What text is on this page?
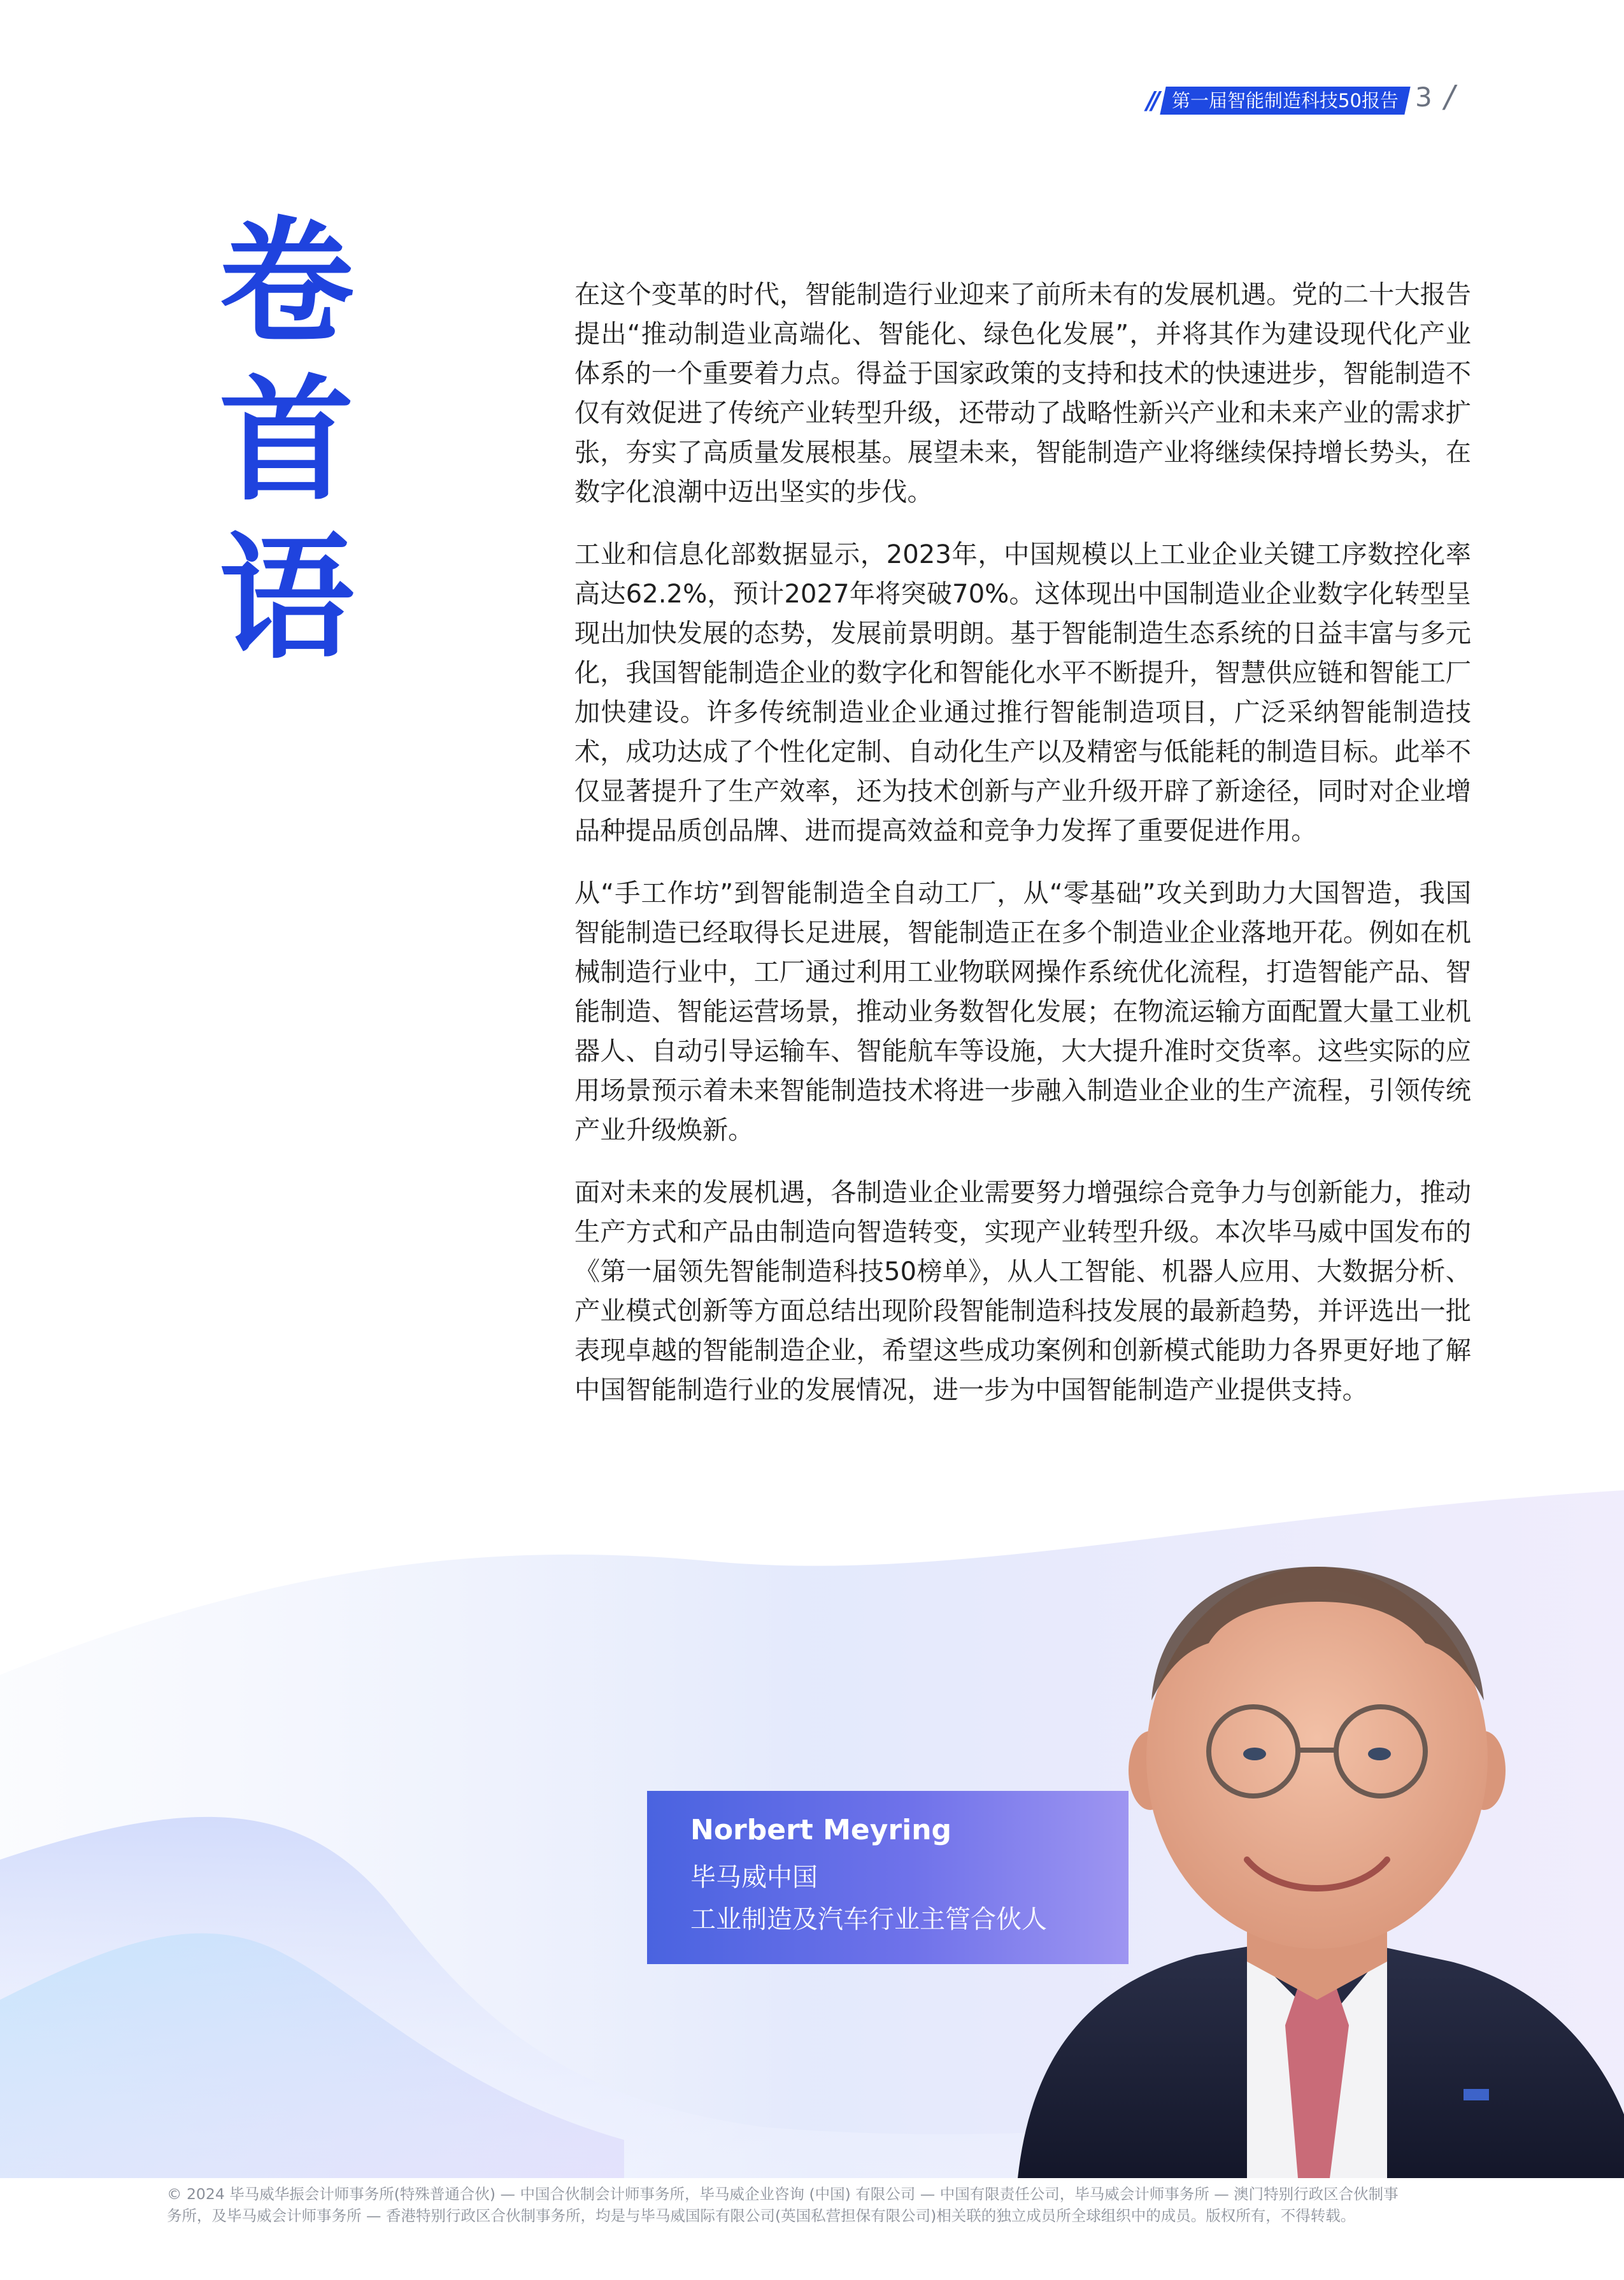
// 第一届智能制造科技50报告 3 /
卷
首
语

在这个变革的时代，智能制造行业迎来了前所未有的发展机遇。党的二十大报告提出“推动制造业高端化、智能化、绿色化发展”，并将其作为建设现代化产业体系的一个重要着力点。得益于国家政策的支持和技术的快速进步，智能制造不仅有效促进了传统产业转型升级，还带动了战略性新兴产业和未来产业的需求扩张，夯实了高质量发展根基。展望未来，智能制造产业将继续保持增长势头，在数字化浪潮中迈出坚实的步伐。

工业和信息化部数据显示，2023年，中国规模以上工业企业关键工序数控化率高达62.2%，预计2027年将突破70%。这体现出中国制造业企业数字化转型呈现出加快发展的态势，发展前景明朗。基于智能制造生态系统的日益丰富与多元化，我国智能制造企业的数字化和智能化水平不断提升，智慧供应链和智能工厂加快建设。许多传统制造业企业通过推行智能制造项目，广泛采纳智能制造技术，成功达成了个性化定制、自动化生产以及精密与低能耗的制造目标。此举不仅显著提升了生产效率，还为技术创新与产业升级开辟了新途径，同时对企业增品种提品质创品牌、进而提高效益和竞争力发挥了重要促进作用。

从“手工作坊”到智能制造全自动工厂，从“零基础”攻关到助力大国智造，我国智能制造已经取得长足进展，智能制造正在多个制造业企业落地开花。例如在机械制造行业中，工厂通过利用工业物联网操作系统优化流程，打造智能产品、智能制造、智能运营场景，推动业务数智化发展；在物流运输方面配置大量工业机器人、自动引导运输车、智能航车等设施，大大提升准时交货率。这些实际的应用场景预示着未来智能制造技术将进一步融入制造业企业的生产流程，引领传统产业升级焕新。

面对未来的发展机遇，各制造业企业需要努力增强综合竞争力与创新能力，推动生产方式和产品由制造向智造转变，实现产业转型升级。本次毕马威中国发布的《第一届领先智能制造科技50榜单》，从人工智能、机器人应用、大数据分析、产业模式创新等方面总结出现阶段智能制造科技发展的最新趋势，并评选出一批表现卓越的智能制造企业，希望这些成功案例和创新模式能助力各界更好地了解中国智能制造行业的发展情况，进一步为中国智能制造产业提供支持。

Norbert Meyring
毕马威中国
工业制造及汽车行业主管合伙人
© 2024 毕马威华振会计师事务所(特殊普通合伙) — 中国合伙制会计师事务所，毕马威企业咨询 (中国) 有限公司 — 中国有限责任公司，毕马威会计师事务所 — 澳门特别行政区合伙制事
务所，及毕马威会计师事务所 — 香港特别行政区合伙制事务所，均是与毕马威国际有限公司(英国私营担保有限公司)相关联的独立成员所全球组织中的成员。版权所有，不得转载。
